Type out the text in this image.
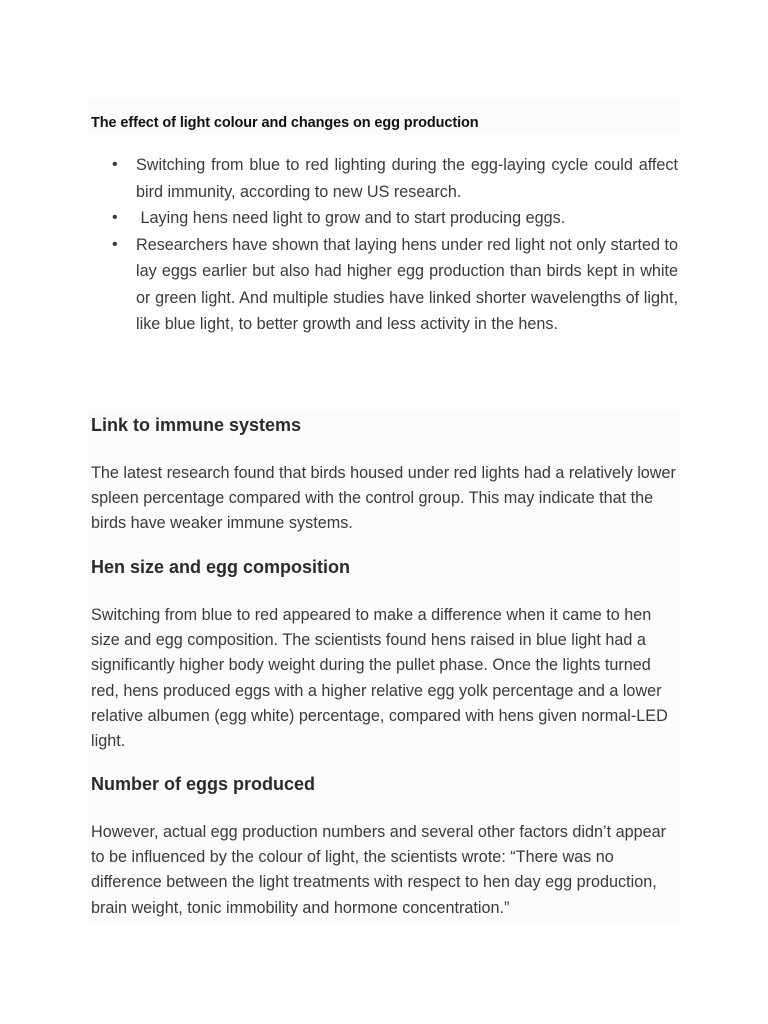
The effect of light colour and changes on egg production
• Switching from blue to red lighting during the egg-laying cycle could affect bird immunity, according to new US research.
• Laying hens need light to grow and to start producing eggs.
• Researchers have shown that laying hens under red light not only started to lay eggs earlier but also had higher egg production than birds kept in white or green light. And multiple studies have linked shorter wavelengths of light, like blue light, to better growth and less activity in the hens.
Link to immune systems

The latest research found that birds housed under red lights had a relatively lower spleen percentage compared with the control group. This may indicate that the birds have weaker immune systems.

Hen size and egg composition

Switching from blue to red appeared to make a difference when it came to hen size and egg composition. The scientists found hens raised in blue light had a significantly higher body weight during the pullet phase. Once the lights turned red, hens produced eggs with a higher relative egg yolk percentage and a lower relative albumen (egg white) percentage, compared with hens given normal-LED light.

Number of eggs produced

However, actual egg production numbers and several other factors didn’t appear to be influenced by the colour of light, the scientists wrote: “There was no difference between the light treatments with respect to hen day egg production, brain weight, tonic immobility and hormone concentration.”
